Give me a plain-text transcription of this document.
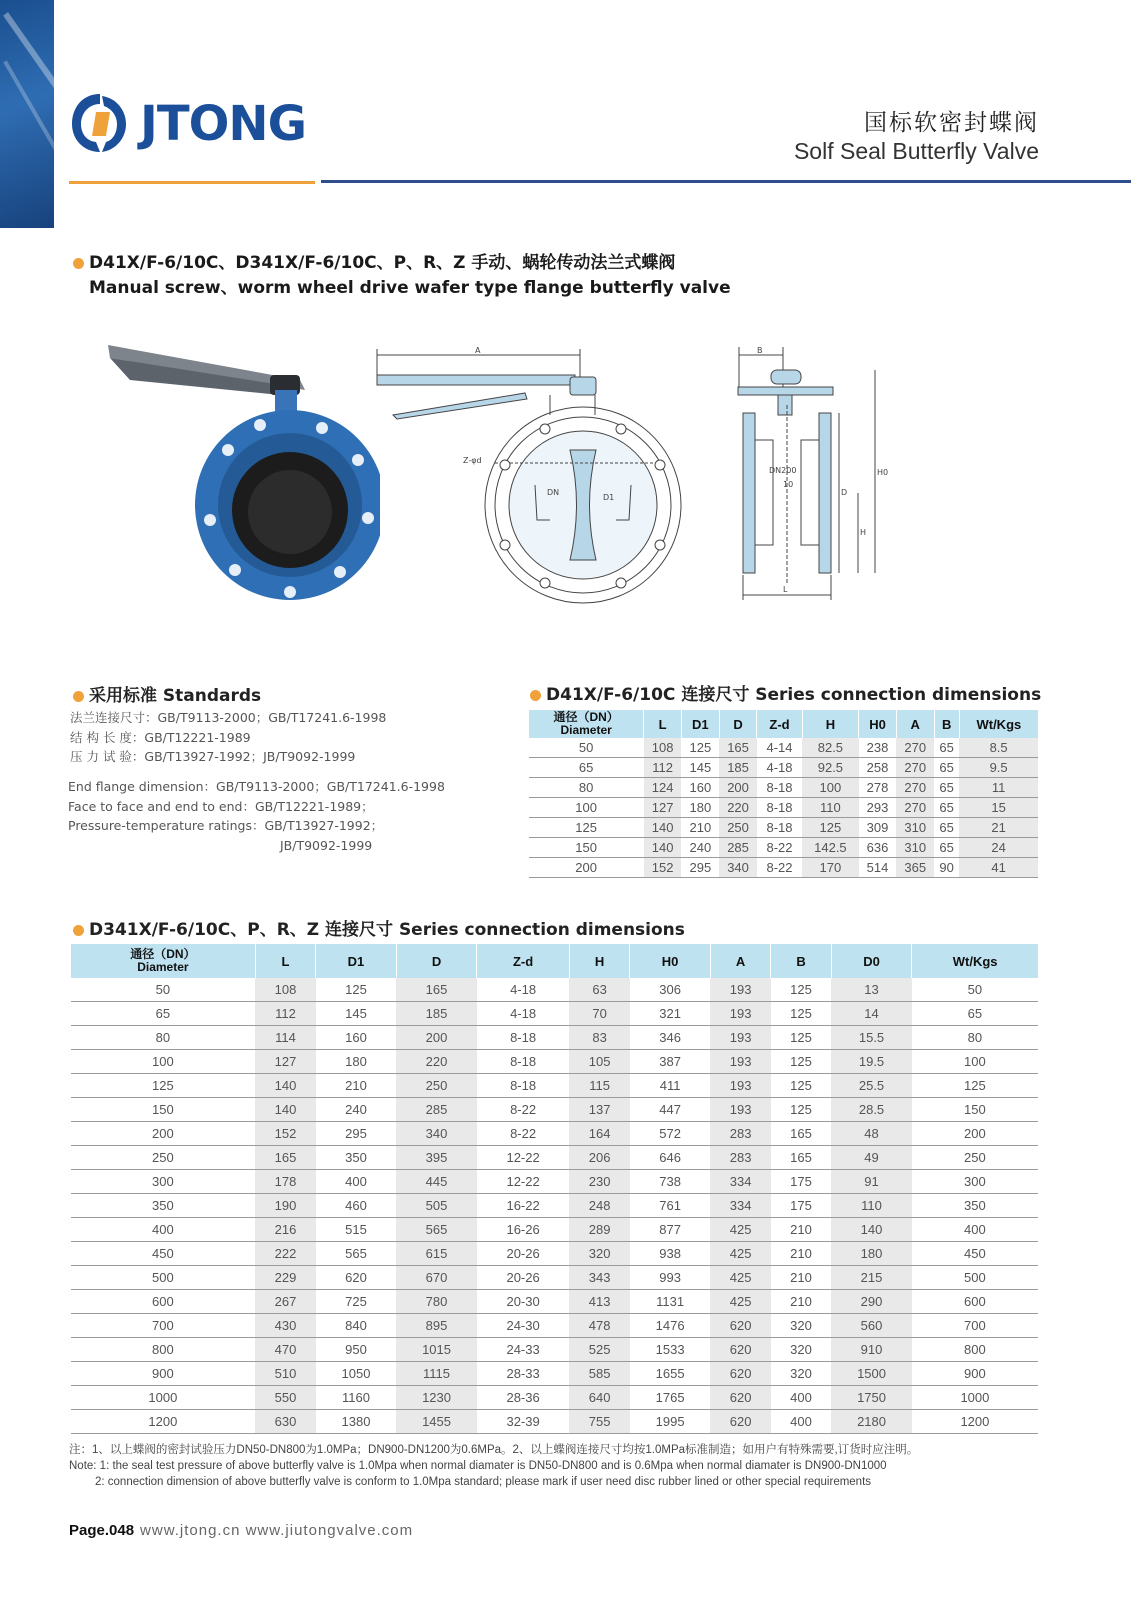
JTONG	国标软密封蝶阀
Solf Seal Butterfly Valve
D41X/F-6/10C、D341X/F-6/10C、P、R、Z 手动、蜗轮传动法兰式蝶阀
Manual screw、worm wheel drive wafer type flange butterfly valve
A
Z-φd
DN
D1
B
DN200
10
D
H
H0
L
采用标准 Standards
法兰连接尺寸：GB/T9113-2000；GB/T17241.6-1998
结 构 长 度：GB/T12221-1989
压 力 试 验：GB/T13927-1992；JB/T9092-1999
End flange dimension：GB/T9113-2000；GB/T17241.6-1998
Face to face and end to end：GB/T12221-1989；
Pressure-temperature ratings：GB/T13927-1992；
JB/T9092-1999
D41X/F-6/10C 连接尺寸 Series connection dimensions
通径（DN）
Diameter	L	D1	D	Z-d	H	H0	A	B	Wt/Kgs
50	108	125	165	4-14	82.5	238	270	65	8.5
65	112	145	185	4-18	92.5	258	270	65	9.5
80	124	160	200	8-18	100	278	270	65	11
100	127	180	220	8-18	110	293	270	65	15
125	140	210	250	8-18	125	309	310	65	21
150	140	240	285	8-22	142.5	636	310	65	24
200	152	295	340	8-22	170	514	365	90	41
D341X/F-6/10C、P、R、Z 连接尺寸 Series connection dimensions
通径（DN）
Diameter	L	D1	D	Z-d	H	H0	A	B	D0	Wt/Kgs
50	108	125	165	4-18	63	306	193	125	13	50
65	112	145	185	4-18	70	321	193	125	14	65
80	114	160	200	8-18	83	346	193	125	15.5	80
100	127	180	220	8-18	105	387	193	125	19.5	100
125	140	210	250	8-18	115	411	193	125	25.5	125
150	140	240	285	8-22	137	447	193	125	28.5	150
200	152	295	340	8-22	164	572	283	165	48	200
250	165	350	395	12-22	206	646	283	165	49	250
300	178	400	445	12-22	230	738	334	175	91	300
350	190	460	505	16-22	248	761	334	175	110	350
400	216	515	565	16-26	289	877	425	210	140	400
450	222	565	615	20-26	320	938	425	210	180	450
500	229	620	670	20-26	343	993	425	210	215	500
600	267	725	780	20-30	413	1131	425	210	290	600
700	430	840	895	24-30	478	1476	620	320	560	700
800	470	950	1015	24-33	525	1533	620	320	910	800
900	510	1050	1115	28-33	585	1655	620	320	1500	900
1000	550	1160	1230	28-36	640	1765	620	400	1750	1000
1200	630	1380	1455	32-39	755	1995	620	400	2180	1200
注：1、以上蝶阀的密封试验压力DN50-DN800为1.0MPa；DN900-DN1200为0.6MPa。2、以上蝶阀连接尺寸均按1.0MPa标准制造；如用户有特殊需要,订货时应注明。
Note: 1: the seal test pressure of above butterfly valve is 1.0Mpa when normal diamater is DN50-DN800 and is 0.6Mpa when normal diamater is DN900-DN1000
2: connection dimension of above butterfly valve is conform to 1.0Mpa standard; please mark if user need disc rubber lined or other special requirements
Page.048 www.jtong.cn www.jiutongvalve.com
